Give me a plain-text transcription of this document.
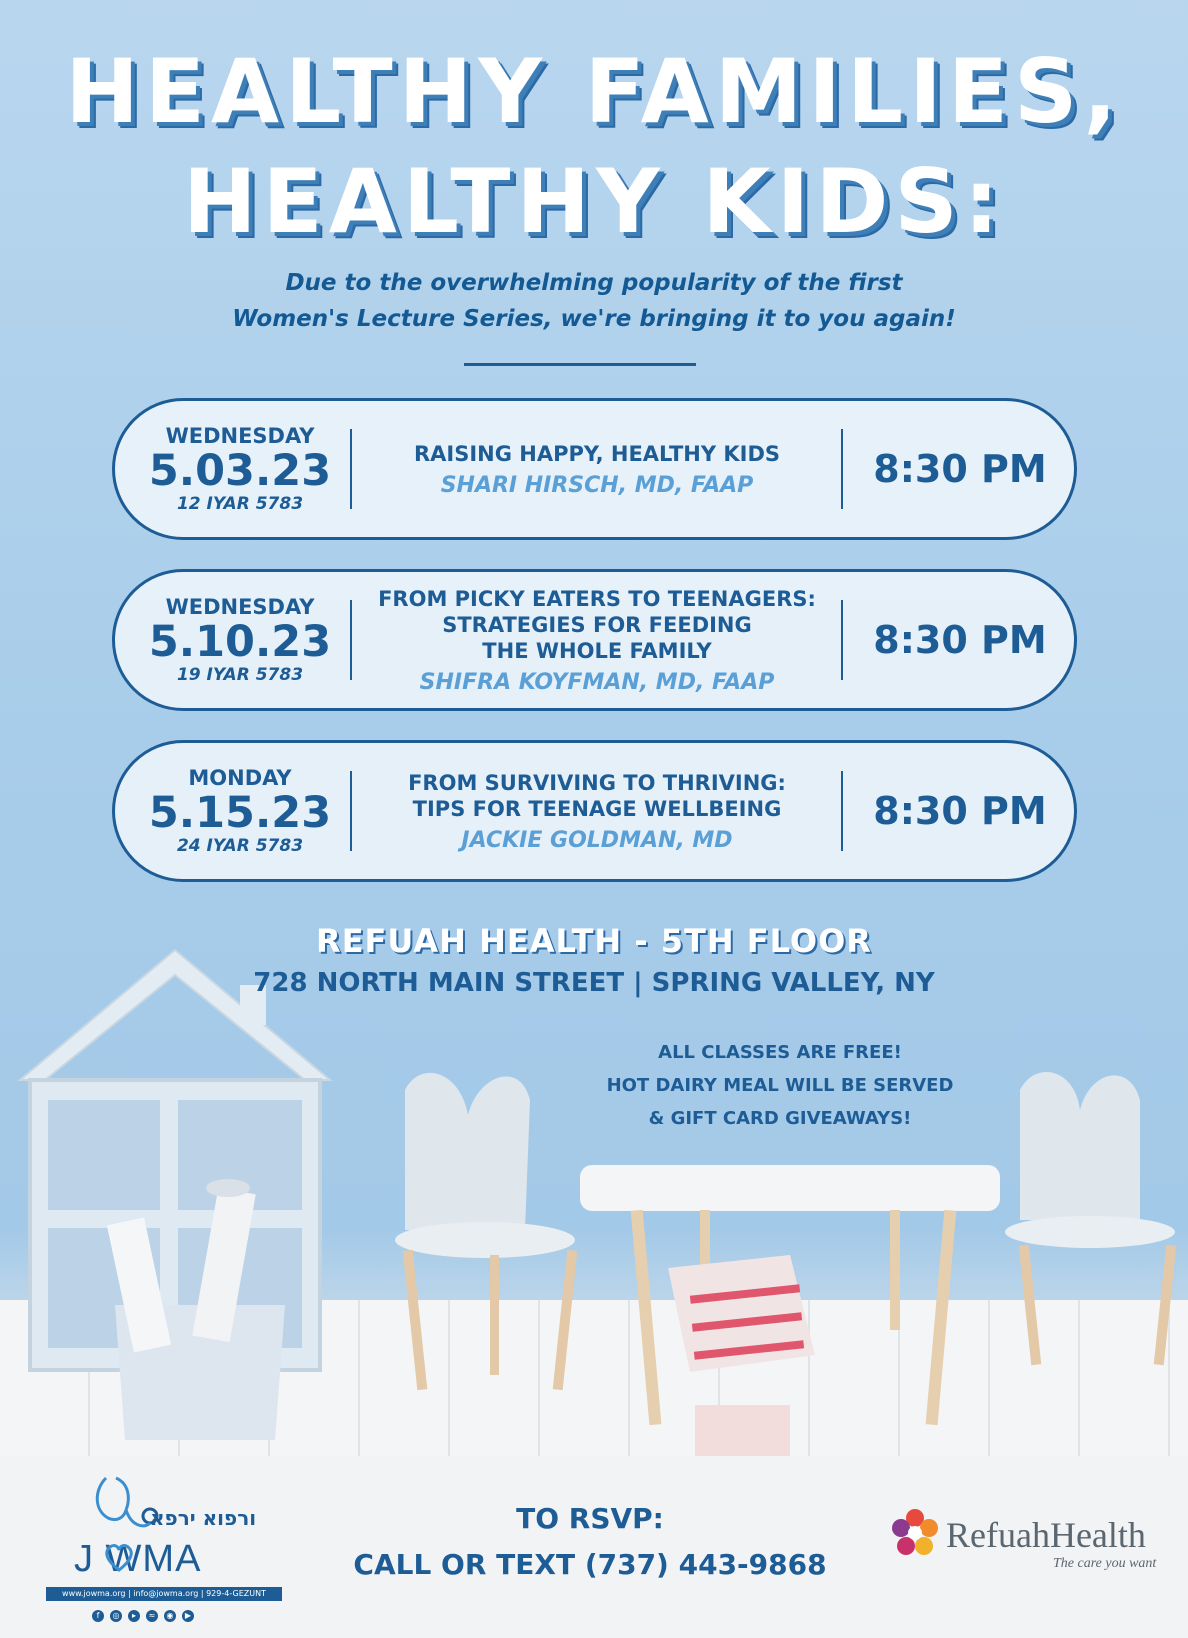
HEALTHY FAMILIES,
HEALTHY KIDS:
Due to the overwhelming popularity of the first
Women's Lecture Series, we're bringing it to you again!
WEDNESDAY
5.03.23
12 IYAR 5783
RAISING HAPPY, HEALTHY KIDS
SHARI HIRSCH, MD, FAAP	8:30 PM
WEDNESDAY
5.10.23
19 IYAR 5783
FROM PICKY EATERS TO TEENAGERS:
STRATEGIES FOR FEEDING
THE WHOLE FAMILY
SHIFRA KOYFMAN, MD, FAAP
8:30 PM
MONDAY
5.15.23
24 IYAR 5783
FROM SURVIVING TO THRIVING:
TIPS FOR TEENAGE WELLBEING
JACKIE GOLDMAN, MD
8:30 PM
REFUAH HEALTH - 5TH FLOOR
728 NORTH MAIN STREET | SPRING VALLEY, NY
ALL CLASSES ARE FREE!
HOT DAIRY MEAL WILL BE SERVED
& GIFT CARD GIVEAWAYS!
ורפוא ירפא
J WMA
www.jowma.org | info@jowma.org | 929-4-GEZUNT
f	◎	▸	≈	◉	▶
TO RSVP:
CALL OR TEXT (737) 443-9868
RefuahHealth
The care you want
